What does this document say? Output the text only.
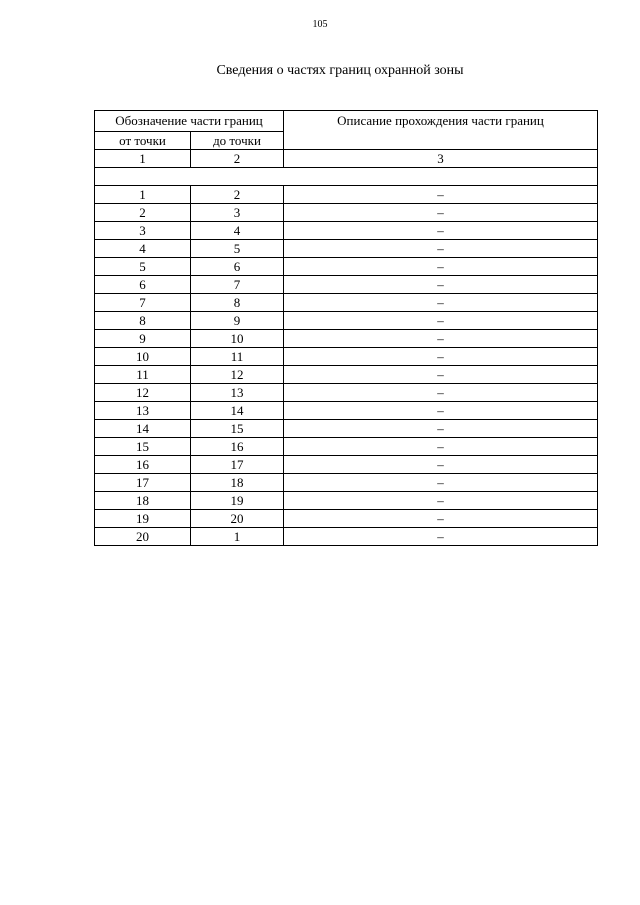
105
Сведения о частях границ охранной зоны
Обозначение части границ		Описание прохождения части границ
от точки	до точки	
1	2	3

1	2	–
2	3	–
3	4	–
4	5	–
5	6	–
6	7	–
7	8	–
8	9	–
9	10	–
10	11	–
11	12	–
12	13	–
13	14	–
14	15	–
15	16	–
16	17	–
17	18	–
18	19	–
19	20	–
20	1	–
